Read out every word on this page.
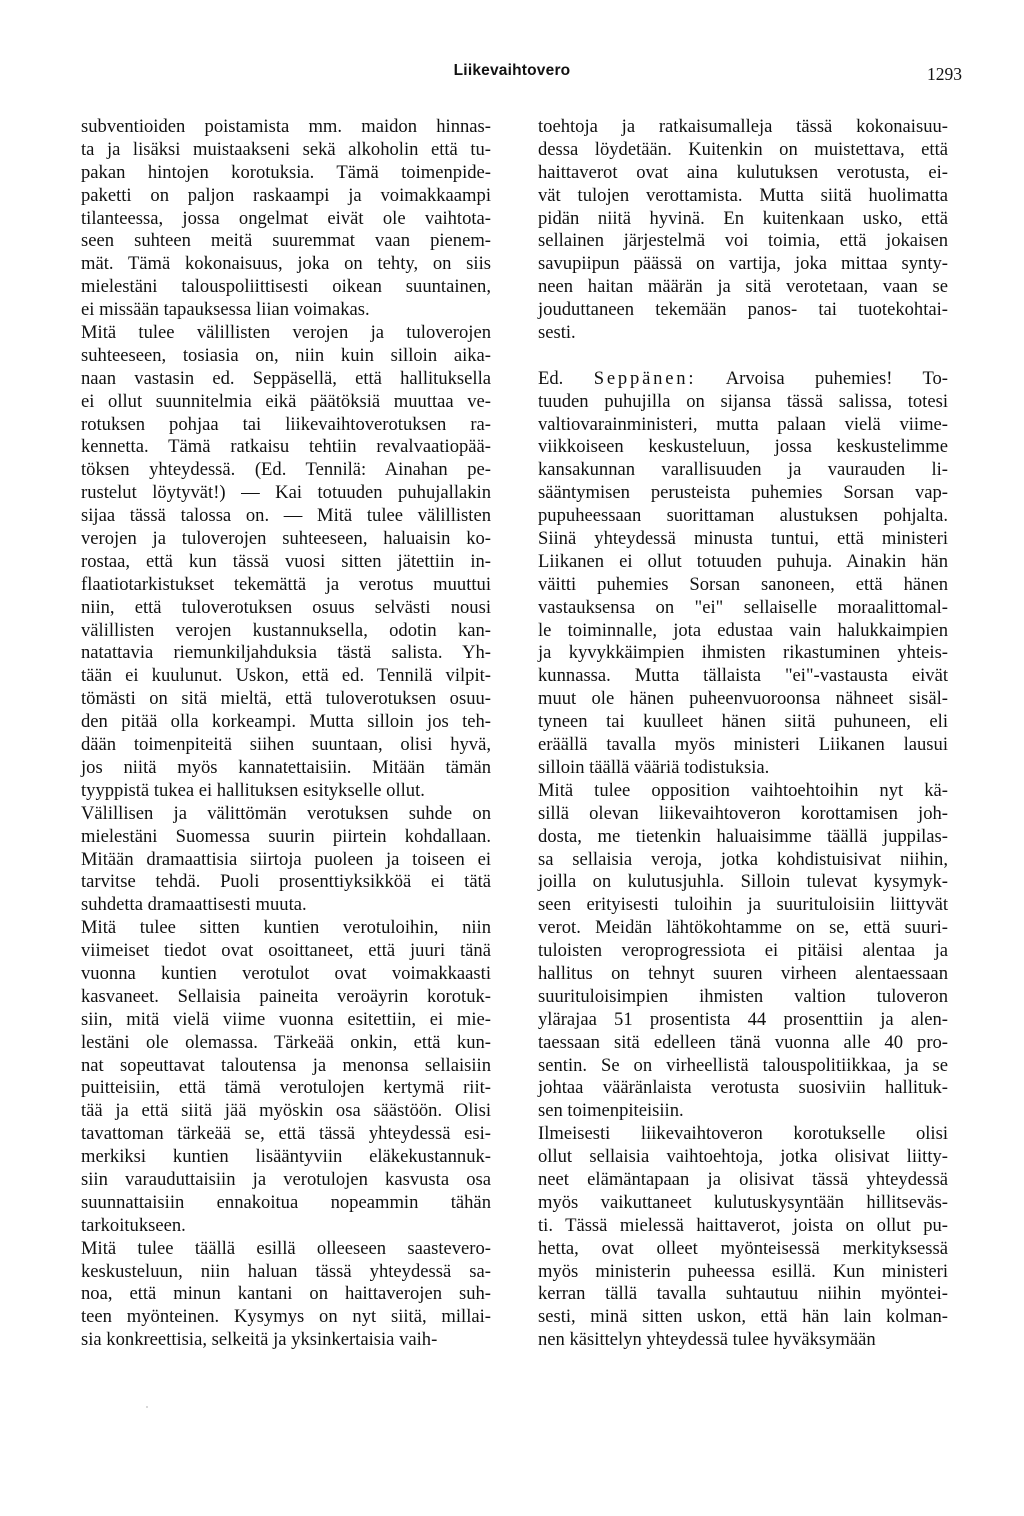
Liikevaihtovero	1293
subventioiden poistamista mm. maidon hinnas-
ta ja lisäksi muistaakseni sekä alkoholin että tu-
pakan hintojen korotuksia. Tämä toimenpide-
paketti on paljon raskaampi ja voimakkaampi
tilanteessa, jossa ongelmat eivät ole vaihtota-
seen suhteen meitä suuremmat vaan pienem-
mät. Tämä kokonaisuus, joka on tehty, on siis
mielestäni talouspoliittisesti oikean suuntainen,
ei missään tapauksessa liian voimakas.
Mitä tulee välillisten verojen ja tuloverojen
suhteeseen, tosiasia on, niin kuin silloin aika-
naan vastasin ed. Seppäsellä, että hallituksella
ei ollut suunnitelmia eikä päätöksiä muuttaa ve-
rotuksen pohjaa tai liikevaihtoverotuksen ra-
kennetta. Tämä ratkaisu tehtiin revalvaatiopää-
töksen yhteydessä. (Ed. Tennilä: Ainahan pe-
rustelut löytyvät!) — Kai totuuden puhujallakin
sijaa tässä talossa on. — Mitä tulee välillisten
verojen ja tuloverojen suhteeseen, haluaisin ko-
rostaa, että kun tässä vuosi sitten jätettiin in-
flaatiotarkistukset tekemättä ja verotus muuttui
niin, että tuloverotuksen osuus selvästi nousi
välillisten verojen kustannuksella, odotin kan-
natattavia riemunkiljahduksia tästä salista. Yh-
tään ei kuulunut. Uskon, että ed. Tennilä vilpit-
tömästi on sitä mieltä, että tuloverotuksen osuu-
den pitää olla korkeampi. Mutta silloin jos teh-
dään toimenpiteitä siihen suuntaan, olisi hyvä,
jos niitä myös kannatettaisiin. Mitään tämän
tyyppistä tukea ei hallituksen esitykselle ollut.
Välillisen ja välittömän verotuksen suhde on
mielestäni Suomessa suurin piirtein kohdallaan.
Mitään dramaattisia siirtoja puoleen ja toiseen ei
tarvitse tehdä. Puoli prosenttiyksikköä ei tätä
suhdetta dramaattisesti muuta.
Mitä tulee sitten kuntien verotuloihin, niin
viimeiset tiedot ovat osoittaneet, että juuri tänä
vuonna kuntien verotulot ovat voimakkaasti
kasvaneet. Sellaisia paineita veroäyrin korotuk-
siin, mitä vielä viime vuonna esitettiin, ei mie-
lestäni ole olemassa. Tärkeää onkin, että kun-
nat sopeuttavat taloutensa ja menonsa sellaisiin
puitteisiin, että tämä verotulojen kertymä riit-
tää ja että siitä jää myöskin osa säästöön. Olisi
tavattoman tärkeää se, että tässä yhteydessä esi-
merkiksi kuntien lisääntyviin eläkekustannuk-
siin varauduttaisiin ja verotulojen kasvusta osa
suunnattaisiin ennakoitua nopeammin tähän
tarkoitukseen.
Mitä tulee täällä esillä olleeseen saastevero-
keskusteluun, niin haluan tässä yhteydessä sa-
noa, että minun kantani on haittaverojen suh-
teen myönteinen. Kysymys on nyt siitä, millai-
sia konkreettisia, selkeitä ja yksinkertaisia vaih-
toehtoja ja ratkaisumalleja tässä kokonaisuu-
dessa löydetään. Kuitenkin on muistettava, että
haittaverot ovat aina kulutuksen verotusta, ei-
vät tulojen verottamista. Mutta siitä huolimatta
pidän niitä hyvinä. En kuitenkaan usko, että
sellainen järjestelmä voi toimia, että jokaisen
savupiipun päässä on vartija, joka mittaa synty-
neen haitan määrän ja sitä verotetaan, vaan se
jouduttaneen tekemään panos- tai tuotekohtai-
sesti.
Ed. Seppänen: Arvoisa puhemies! To-
tuuden puhujilla on sijansa tässä salissa, totesi
valtiovarainministeri, mutta palaan vielä viime-
viikkoiseen keskusteluun, jossa keskustelimme
kansakunnan varallisuuden ja vaurauden li-
sääntymisen perusteista puhemies Sorsan vap-
pupuheessaan suorittaman alustuksen pohjalta.
Siinä yhteydessä minusta tuntui, että ministeri
Liikanen ei ollut totuuden puhuja. Ainakin hän
väitti puhemies Sorsan sanoneen, että hänen
vastauksensa on "ei" sellaiselle moraalittomal-
le toiminnalle, jota edustaa vain halukkaimpien
ja kyvykkäimpien ihmisten rikastuminen yhteis-
kunnassa. Mutta tällaista "ei"-vastausta eivät
muut ole hänen puheenvuoroonsa nähneet sisäl-
tyneen tai kuulleet hänen siitä puhuneen, eli
eräällä tavalla myös ministeri Liikanen lausui
silloin täällä vääriä todistuksia.
Mitä tulee opposition vaihtoehtoihin nyt kä-
sillä olevan liikevaihtoveron korottamisen joh-
dosta, me tietenkin haluaisimme täällä juppilas-
sa sellaisia veroja, jotka kohdistuisivat niihin,
joilla on kulutusjuhla. Silloin tulevat kysymyk-
seen erityisesti tuloihin ja suurituloisiin liittyvät
verot. Meidän lähtökohtamme on se, että suuri-
tuloisten veroprogressiota ei pitäisi alentaa ja
hallitus on tehnyt suuren virheen alentaessaan
suurituloisimpien ihmisten valtion tuloveron
ylärajaa 51 prosentista 44 prosenttiin ja alen-
taessaan sitä edelleen tänä vuonna alle 40 pro-
sentin. Se on virheellistä talouspolitiikkaa, ja se
johtaa vääränlaista verotusta suosiviin hallituk-
sen toimenpiteisiin.
Ilmeisesti liikevaihtoveron korotukselle olisi
ollut sellaisia vaihtoehtoja, jotka olisivat liitty-
neet elämäntapaan ja olisivat tässä yhteydessä
myös vaikuttaneet kulutuskysyntään hillitseväs-
ti. Tässä mielessä haittaverot, joista on ollut pu-
hetta, ovat olleet myönteisessä merkityksessä
myös ministerin puheessa esillä. Kun ministeri
kerran tällä tavalla suhtautuu niihin myöntei-
sesti, minä sitten uskon, että hän lain kolman-
nen käsittelyn yhteydessä tulee hyväksymään
